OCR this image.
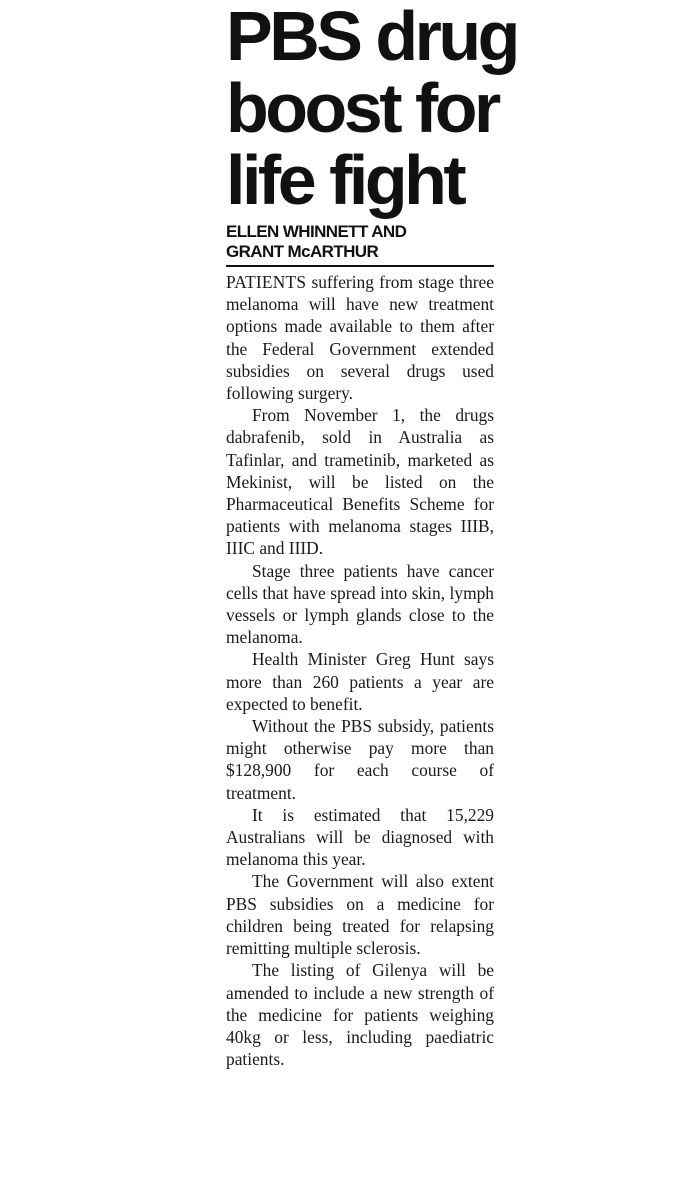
PBS drug
boost for
life fight
ELLEN WHINNETT AND
GRANT McARTHUR

PATIENTS suffering from stage three melanoma will have new treatment options made available to them after the Federal Government extended subsidies on several drugs used following surgery.

From November 1, the drugs dabrafenib, sold in Australia as Tafinlar, and trametinib, marketed as Mekinist, will be listed on the Pharmaceutical Benefits Scheme for patients with melanoma stages IIIB, IIIC and IIID.

Stage three patients have cancer cells that have spread into skin, lymph vessels or lymph glands close to the melanoma.

Health Minister Greg Hunt says more than 260 patients a year are expected to benefit.

Without the PBS subsidy, patients might otherwise pay more than $128,900 for each course of treatment.

It is estimated that 15,229 Australians will be diagnosed with melanoma this year.

The Government will also extent PBS subsidies on a medicine for children being treated for relapsing remitting multiple sclerosis.

The listing of Gilenya will be amended to include a new strength of the medicine for patients weighing 40kg or less, including paediatric patients.
